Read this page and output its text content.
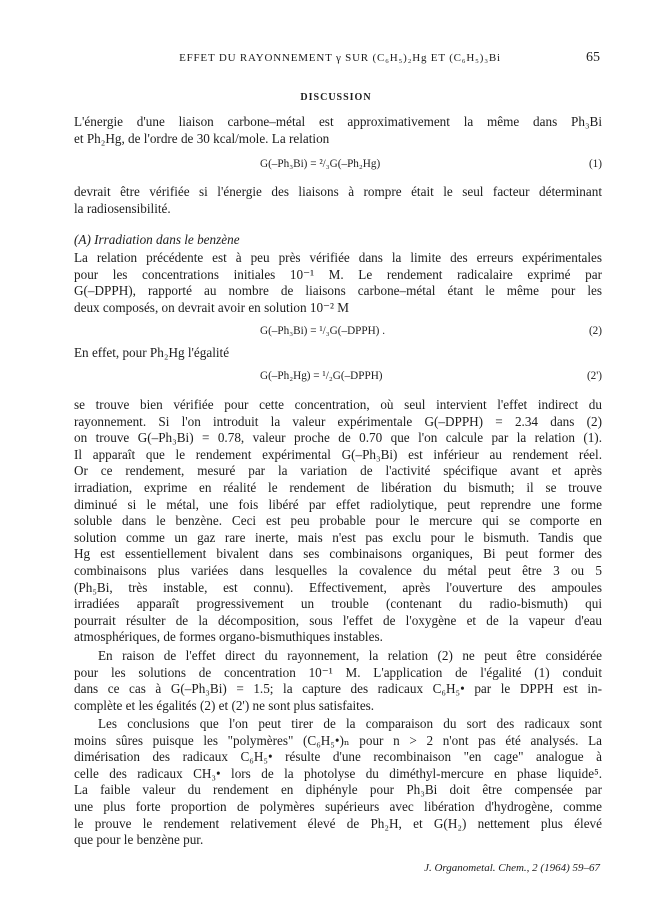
EFFET DU RAYONNEMENT γ SUR (C₆H₅)₂Hg ET (C₆H₅)₃Bi	65
DISCUSSION
L'énergie d'une liaison carbone–métal est approximativement la même dans Ph₃Bi
et Ph₂Hg, de l'ordre de 30 kcal/mole. La relation
G(–Ph₃Bi) = ²/₃G(–Ph₂Hg)	(1)
devrait être vérifiée si l'énergie des liaisons à rompre était le seul facteur déterminant
la radiosensibilité.
(A) Irradiation dans le benzène
La relation précédente est à peu près vérifiée dans la limite des erreurs expérimentales
pour les concentrations initiales 10⁻¹ M. Le rendement radicalaire exprimé par
G(–DPPH), rapporté au nombre de liaisons carbone–métal étant le même pour les
deux composés, on devrait avoir en solution 10⁻² M
G(–Ph₃Bi) = ¹/₃G(–DPPH) .	(2)
En effet, pour Ph₂Hg l'égalité
G(–Ph₂Hg) = ¹/₂G(–DPPH)	(2')
se trouve bien vérifiée pour cette concentration, où seul intervient l'effet indirect du
rayonnement. Si l'on introduit la valeur expérimentale G(–DPPH) = 2.34 dans (2)
on trouve G(–Ph₃Bi) = 0.78, valeur proche de 0.70 que l'on calcule par la relation (1).
Il apparaît que le rendement expérimental G(–Ph₃Bi) est inférieur au rendement réel.
Or ce rendement, mesuré par la variation de l'activité spécifique avant et après
irradiation, exprime en réalité le rendement de libération du bismuth; il se trouve
diminué si le métal, une fois libéré par effet radiolytique, peut reprendre une forme
soluble dans le benzène. Ceci est peu probable pour le mercure qui se comporte en
solution comme un gaz rare inerte, mais n'est pas exclu pour le bismuth. Tandis que
Hg est essentiellement bivalent dans ses combinaisons organiques, Bi peut former des
combinaisons plus variées dans lesquelles la covalence du métal peut être 3 ou 5
(Ph₅Bi, très instable, est connu). Effectivement, après l'ouverture des ampoules
irradiées apparaît progressivement un trouble (contenant du radio-bismuth) qui
pourrait résulter de la décomposition, sous l'effet de l'oxygène et de la vapeur d'eau
atmosphériques, de formes organo-bismuthiques instables.
En raison de l'effet direct du rayonnement, la relation (2) ne peut être considérée
pour les solutions de concentration 10⁻¹ M. L'application de l'égalité (1) conduit
dans ce cas à G(–Ph₃Bi) = 1.5; la capture des radicaux C₆H₅• par le DPPH est in-
complète et les égalités (2) et (2') ne sont plus satisfaites.
Les conclusions que l'on peut tirer de la comparaison du sort des radicaux sont
moins sûres puisque les "polymères" (C₆H₅•)ₙ pour n > 2 n'ont pas été analysés. La
dimérisation des radicaux C₆H₅• résulte d'une recombinaison "en cage" analogue à
celle des radicaux CH₃• lors de la photolyse du diméthyl-mercure en phase liquide⁵.
La faible valeur du rendement en diphényle pour Ph₃Bi doit être compensée par
une plus forte proportion de polymères supérieurs avec libération d'hydrogène, comme
le prouve le rendement relativement élevé de Ph₂H, et G(H₂) nettement plus élevé
que pour le benzène pur.
J. Organometal. Chem., 2 (1964) 59–67
